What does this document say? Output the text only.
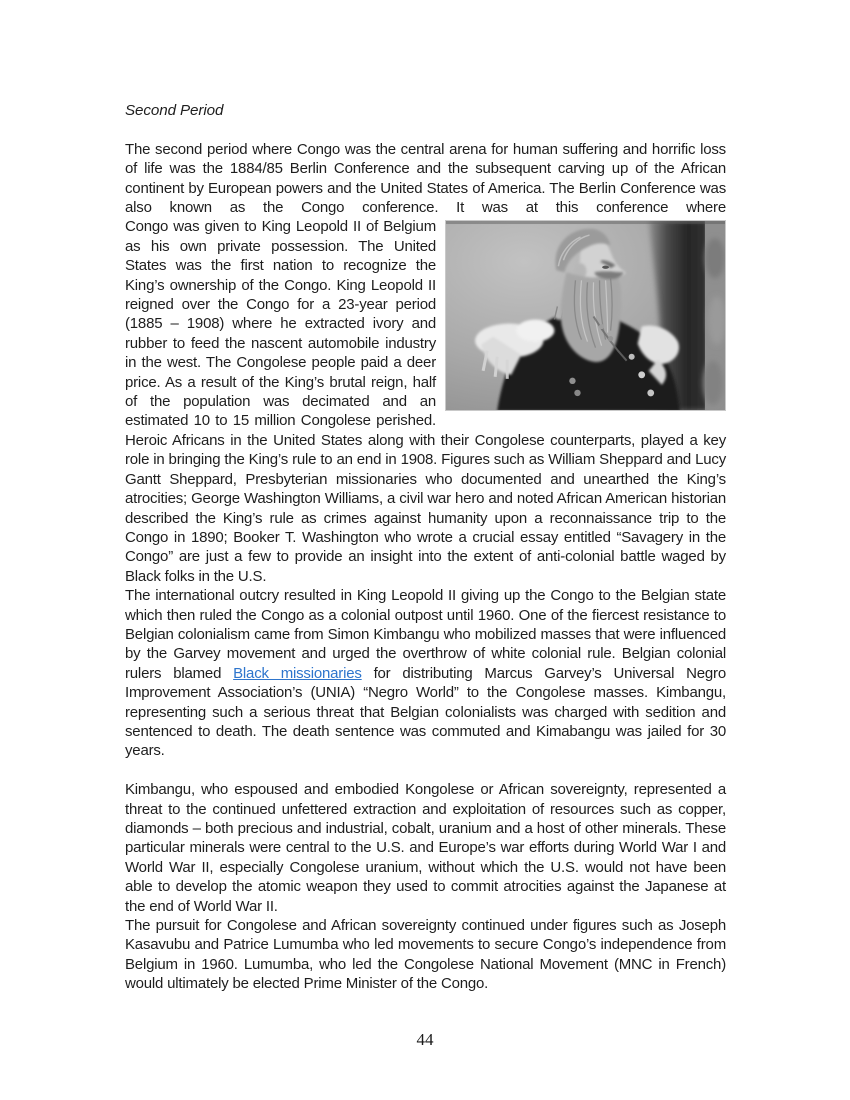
Second Period

The second period where Congo was the central arena for human suffering and horrific loss of life was the 1884/85 Berlin Conference and the subsequent carving up of the African continent by European powers and the United States of America. The Berlin Conference was also known as the Congo conference. It was at this conference where

Congo was given to King Leopold II of Belgium as his own private possession. The United States was the first nation to recognize the King’s ownership of the Congo. King Leopold II reigned over the Congo for a 23-year period (1885 – 1908) where he extracted ivory and rubber to feed the nascent automobile industry in the west. The Congolese people paid a deer price. As a result of the King’s brutal reign, half of the population was decimated and an estimated 10 to 15 million Congolese perished. Heroic Africans in the United States along with their Congolese counterparts, played a key role in bringing the King’s rule to an end in 1908. Figures such as William Sheppard and Lucy Gantt Sheppard, Presbyterian missionaries who documented and unearthed the King’s atrocities; George Washington Williams, a civil war hero and noted African American historian described the King’s rule as crimes against humanity upon a reconnaissance trip to the Congo in 1890; Booker T. Washington who wrote a crucial essay entitled “Savagery in the Congo” are just a few to provide an insight into the extent of anti-colonial battle waged by Black folks in the U.S.

The international outcry resulted in King Leopold II giving up the Congo to the Belgian state which then ruled the Congo as a colonial outpost until 1960. One of the fiercest resistance to Belgian colonialism came from Simon Kimbangu who mobilized masses that were influenced by the Garvey movement and urged the overthrow of white colonial rule. Belgian colonial rulers blamed Black missionaries for distributing Marcus Garvey’s Universal Negro Improvement Association’s (UNIA) “Negro World” to the Congolese masses. Kimbangu, representing such a serious threat that Belgian colonialists was charged with sedition and sentenced to death. The death sentence was commuted and Kimabangu was jailed for 30 years.

Kimbangu, who espoused and embodied Kongolese or African sovereignty, represented a threat to the continued unfettered extraction and exploitation of resources such as copper, diamonds – both precious and industrial, cobalt, uranium and a host of other minerals. These particular minerals were central to the U.S. and Europe’s war efforts during World War I and World War II, especially Congolese uranium, without which the U.S. would not have been able to develop the atomic weapon they used to commit atrocities against the Japanese at the end of World War II.

The pursuit for Congolese and African sovereignty continued under figures such as Joseph Kasavubu and Patrice Lumumba who led movements to secure Congo’s independence from Belgium in 1960. Lumumba, who led the Congolese National Movement (MNC in French) would ultimately be elected Prime Minister of the Congo.

44
